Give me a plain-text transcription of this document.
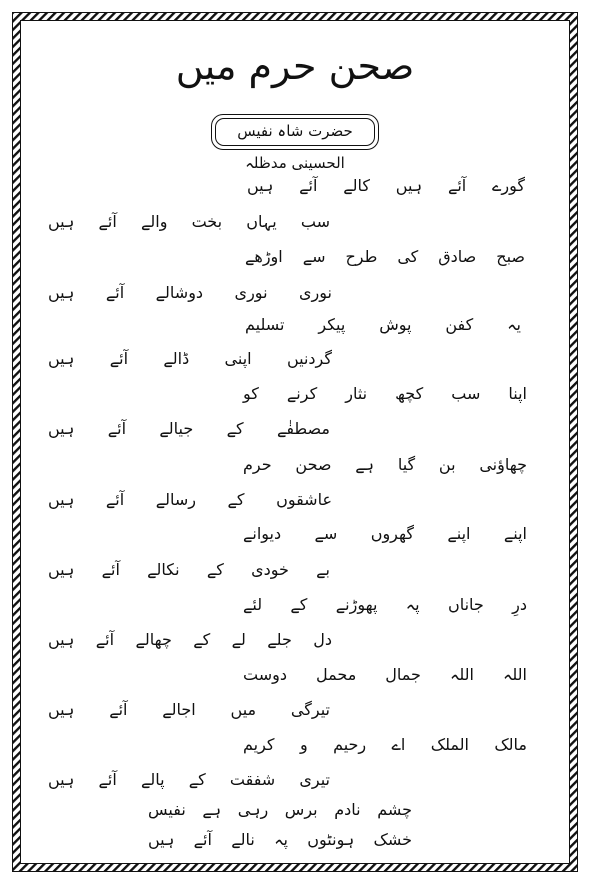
صحن حرم میں
حضرت شاہ نفیس الحسینی مدظلہ
گورے آئے ہیں کالے آئے ہیں
سب یہاں بخت والے آئے ہیں
صبح صادق کی طرح سے اوڑھے
نوری نوری دوشالے آئے ہیں
یہ کفن پوش پیکر تسلیم
گردنیں اپنی ڈالے آئے ہیں
اپنا سب کچھ نثار کرنے کو
مصطفٰے کے جیالے آئے ہیں
چھاؤنی بن گیا ہے صحن حرم
عاشقوں کے رسالے آئے ہیں
اپنے اپنے گھروں سے دیوانے
بے خودی کے نکالے آئے ہیں
درِ جاناں پہ پھوڑنے کے لئے
دل جلے لے کے چھالے آئے ہیں
اللہ اللہ جمال محمل دوست
تیرگی میں اجالے آئے ہیں
مالک الملک اے رحیم و کریم
تیری شفقت کے پالے آئے ہیں
چشم نادم برس رہی ہے نفیس
خشک ہونٹوں پہ نالے آئے ہیں
